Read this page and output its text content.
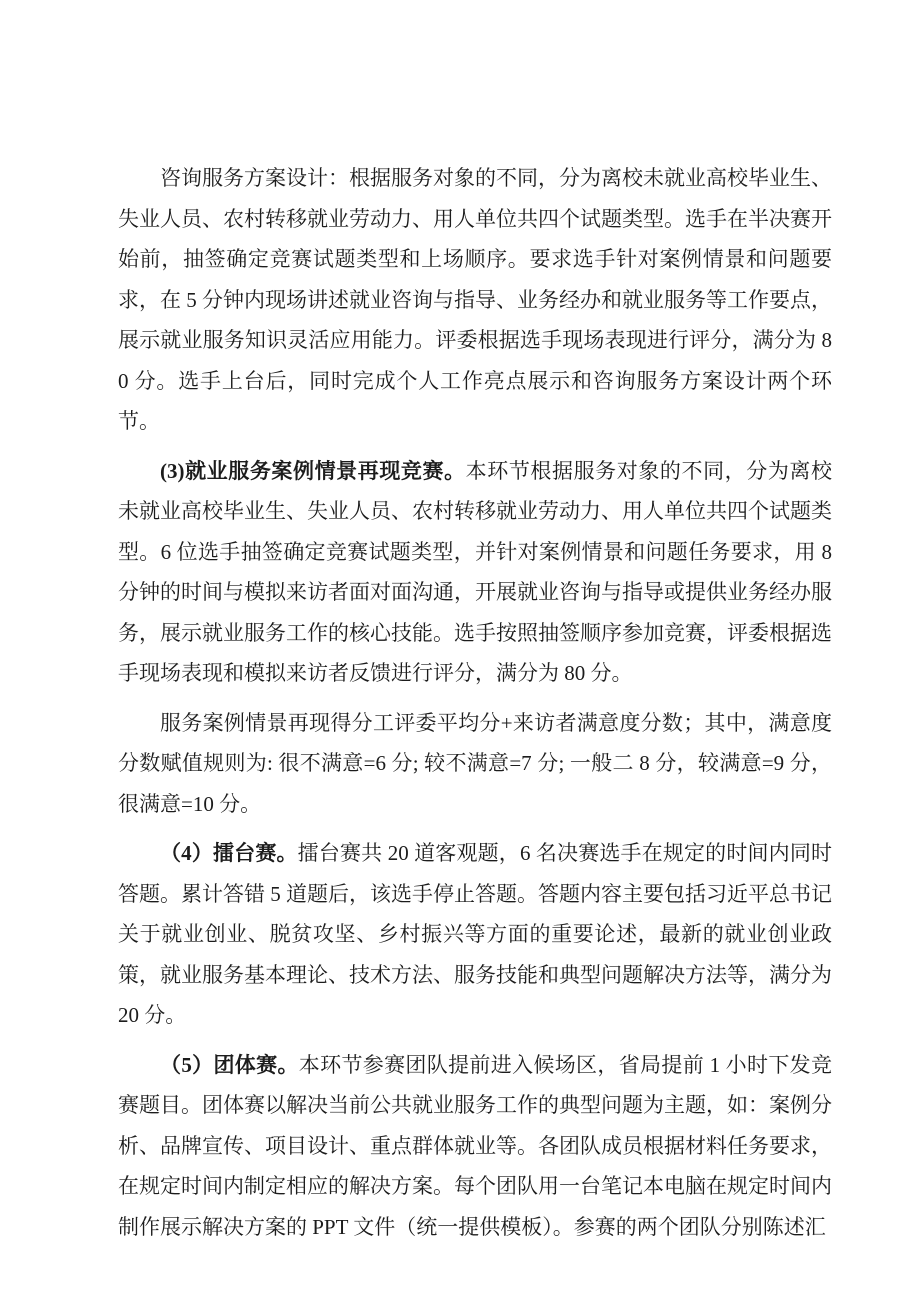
咨询服务方案设计：根据服务对象的不同，分为离校未就业高校毕业生、失业人员、农村转移就业劳动力、用人单位共四个试题类型。选手在半决赛开始前，抽签确定竞赛试题类型和上场顺序。要求选手针对案例情景和问题要求，在 5 分钟内现场讲述就业咨询与指导、业务经办和就业服务等工作要点，展示就业服务知识灵活应用能力。评委根据选手现场表现进行评分，满分为 80 分。选手上台后，同时完成个人工作亮点展示和咨询服务方案设计两个环节。

(3)就业服务案例情景再现竞赛。本环节根据服务对象的不同，分为离校未就业高校毕业生、失业人员、农村转移就业劳动力、用人单位共四个试题类型。6 位选手抽签确定竞赛试题类型，并针对案例情景和问题任务要求，用 8 分钟的时间与模拟来访者面对面沟通，开展就业咨询与指导或提供业务经办服务，展示就业服务工作的核心技能。选手按照抽签顺序参加竞赛，评委根据选手现场表现和模拟来访者反馈进行评分，满分为 80 分。

服务案例情景再现得分工评委平均分+来访者满意度分数；其中，满意度分数赋值规则为: 很不满意=6 分; 较不满意=7 分; 一般二 8 分，较满意=9 分，很满意=10 分。

（4）擂台赛。擂台赛共 20 道客观题，6 名决赛选手在规定的时间内同时答题。累计答错 5 道题后，该选手停止答题。答题内容主要包括习近平总书记关于就业创业、脱贫攻坚、乡村振兴等方面的重要论述，最新的就业创业政策，就业服务基本理论、技术方法、服务技能和典型问题解决方法等，满分为 20 分。

（5）团体赛。本环节参赛团队提前进入候场区，省局提前 1 小时下发竞赛题目。团体赛以解决当前公共就业服务工作的典型问题为主题，如：案例分析、品牌宣传、项目设计、重点群体就业等。各团队成员根据材料任务要求，在规定时间内制定相应的解决方案。每个团队用一台笔记本电脑在规定时间内制作展示解决方案的 PPT 文件（统一提供模板）。参赛的两个团队分别陈述汇
